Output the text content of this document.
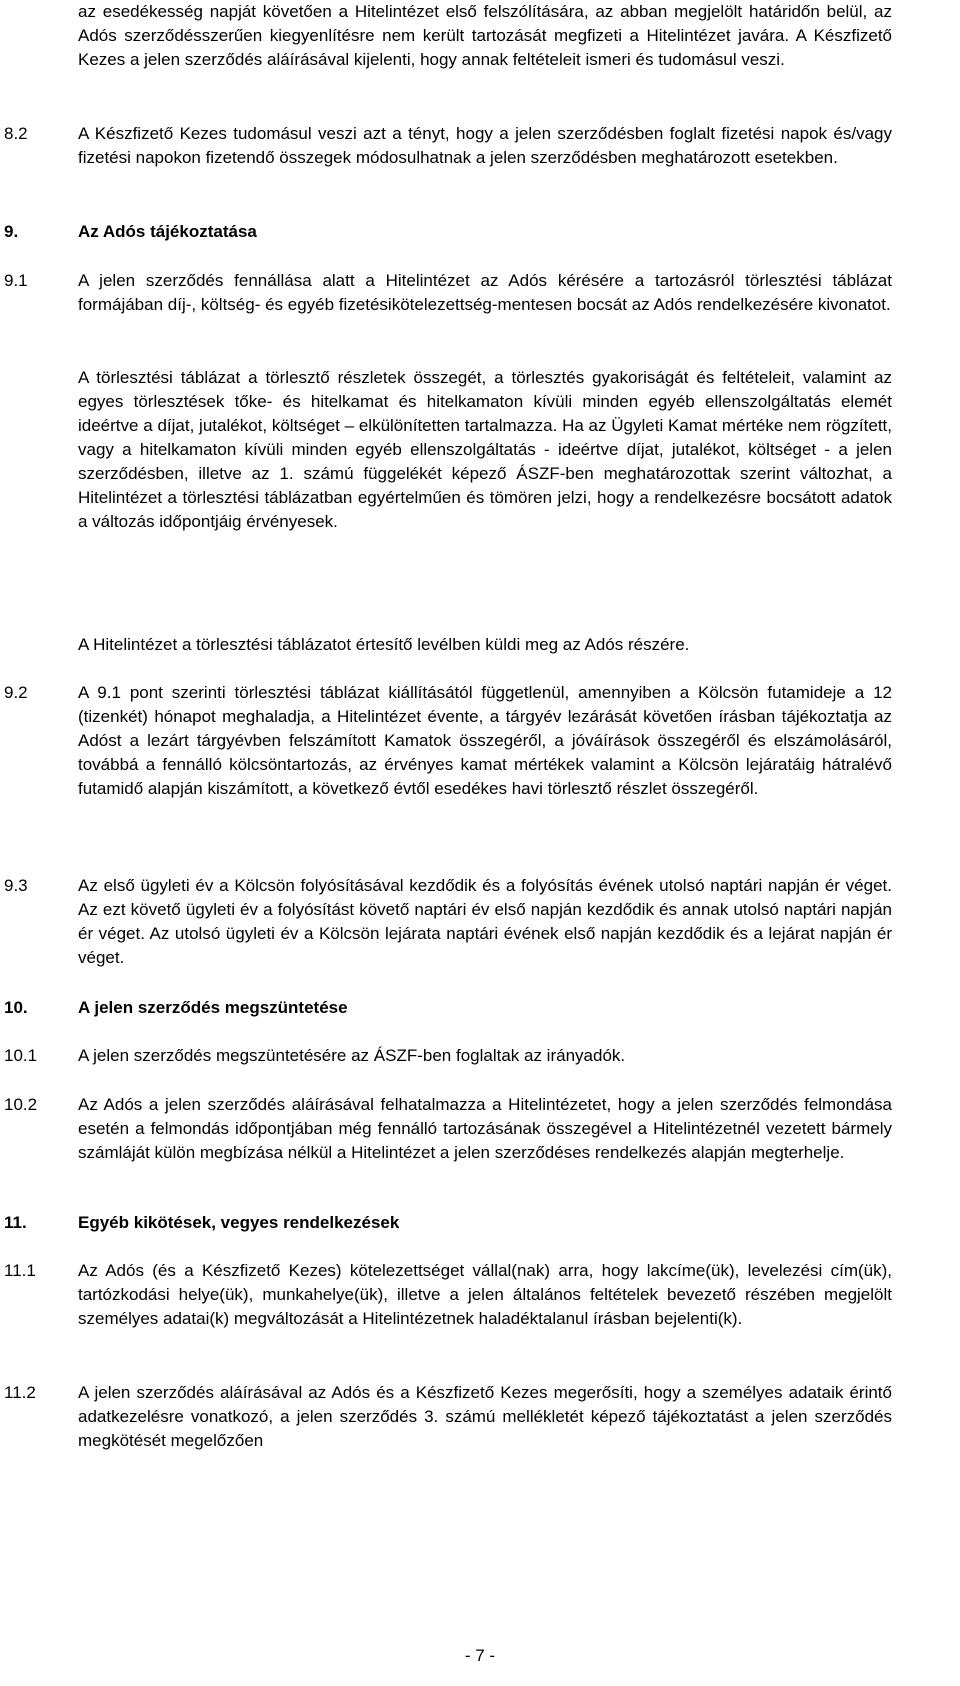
az esedékesség napját követően a Hitelintézet első felszólítására, az abban megjelölt határidőn belül, az Adós szerződésszerűen kiegyenlítésre nem került tartozását megfizeti a Hitelintézet javára. A Készfizető Kezes a jelen szerződés aláírásával kijelenti, hogy annak feltételeit ismeri és tudomásul veszi.
8.2	A Készfizető Kezes tudomásul veszi azt a tényt, hogy a jelen szerződésben foglalt fizetési napok és/vagy fizetési napokon fizetendő összegek módosulhatnak a jelen szerződésben meghatározott esetekben.
9.	Az Adós tájékoztatása
9.1	A jelen szerződés fennállása alatt a Hitelintézet az Adós kérésére a tartozásról törlesztési táblázat formájában díj-, költség- és egyéb fizetésikötelezettség-mentesen bocsát az Adós rendelkezésére kivonatot.
A törlesztési táblázat a törlesztő részletek összegét, a törlesztés gyakoriságát és feltételeit, valamint az egyes törlesztések tőke- és hitelkamat és hitelkamaton kívüli minden egyéb ellenszolgáltatás elemét ideértve a díjat, jutalékot, költséget – elkülönítetten tartalmazza. Ha az Ügyleti Kamat mértéke nem rögzített, vagy a hitelkamaton kívüli minden egyéb ellenszolgáltatás - ideértve díjat, jutalékot, költséget - a jelen szerződésben, illetve az 1. számú függelékét képező ÁSZF-ben meghatározottak szerint változhat, a Hitelintézet a törlesztési táblázatban egyértelműen és tömören jelzi, hogy a rendelkezésre bocsátott adatok a változás időpontjáig érvényesek.
A Hitelintézet a törlesztési táblázatot értesítő levélben küldi meg az Adós részére.
9.2	A 9.1 pont szerinti törlesztési táblázat kiállításától függetlenül, amennyiben a Kölcsön futamideje a 12 (tizenkét) hónapot meghaladja, a Hitelintézet évente, a tárgyév lezárását követően írásban tájékoztatja az Adóst a lezárt tárgyévben felszámított Kamatok összegéről, a jóváírások összegéről és elszámolásáról, továbbá a fennálló kölcsöntartozás, az érvényes kamat mértékek valamint a Kölcsön lejáratáig hátralévő futamidő alapján kiszámított, a következő évtől esedékes havi törlesztő részlet összegéről.
9.3	Az első ügyleti év a Kölcsön folyósításával kezdődik és a folyósítás évének utolsó naptári napján ér véget. Az ezt követő ügyleti év a folyósítást követő naptári év első napján kezdődik és annak utolsó naptári napján ér véget. Az utolsó ügyleti év a Kölcsön lejárata naptári évének első napján kezdődik és a lejárat napján ér véget.
10.	A jelen szerződés megszüntetése
10.1 A jelen szerződés megszüntetésére az ÁSZF-ben foglaltak az irányadók.
10.2 Az Adós a jelen szerződés aláírásával felhatalmazza a Hitelintézetet, hogy a jelen szerződés felmondása esetén a felmondás időpontjában még fennálló tartozásának összegével a Hitelintézetnél vezetett bármely számláját külön megbízása nélkül a Hitelintézet a jelen szerződéses rendelkezés alapján megterhelje.
11.	Egyéb kikötések, vegyes rendelkezések
11.1 Az Adós (és a Készfizető Kezes) kötelezettséget vállal(nak) arra, hogy lakcíme(ük), levelezési cím(ük), tartózkodási helye(ük), munkahelye(ük), illetve a jelen általános feltételek bevezető részében megjelölt személyes adatai(k) megváltozását a Hitelintézetnek haladéktalanul írásban bejelenti(k).
11.2 A jelen szerződés aláírásával az Adós és a Készfizető Kezes megerősíti, hogy a személyes adataik érintő adatkezelésre vonatkozó, a jelen szerződés 3. számú mellékletét képező tájékoztatást a jelen szerződés megkötését megelőzően
- 7 -
